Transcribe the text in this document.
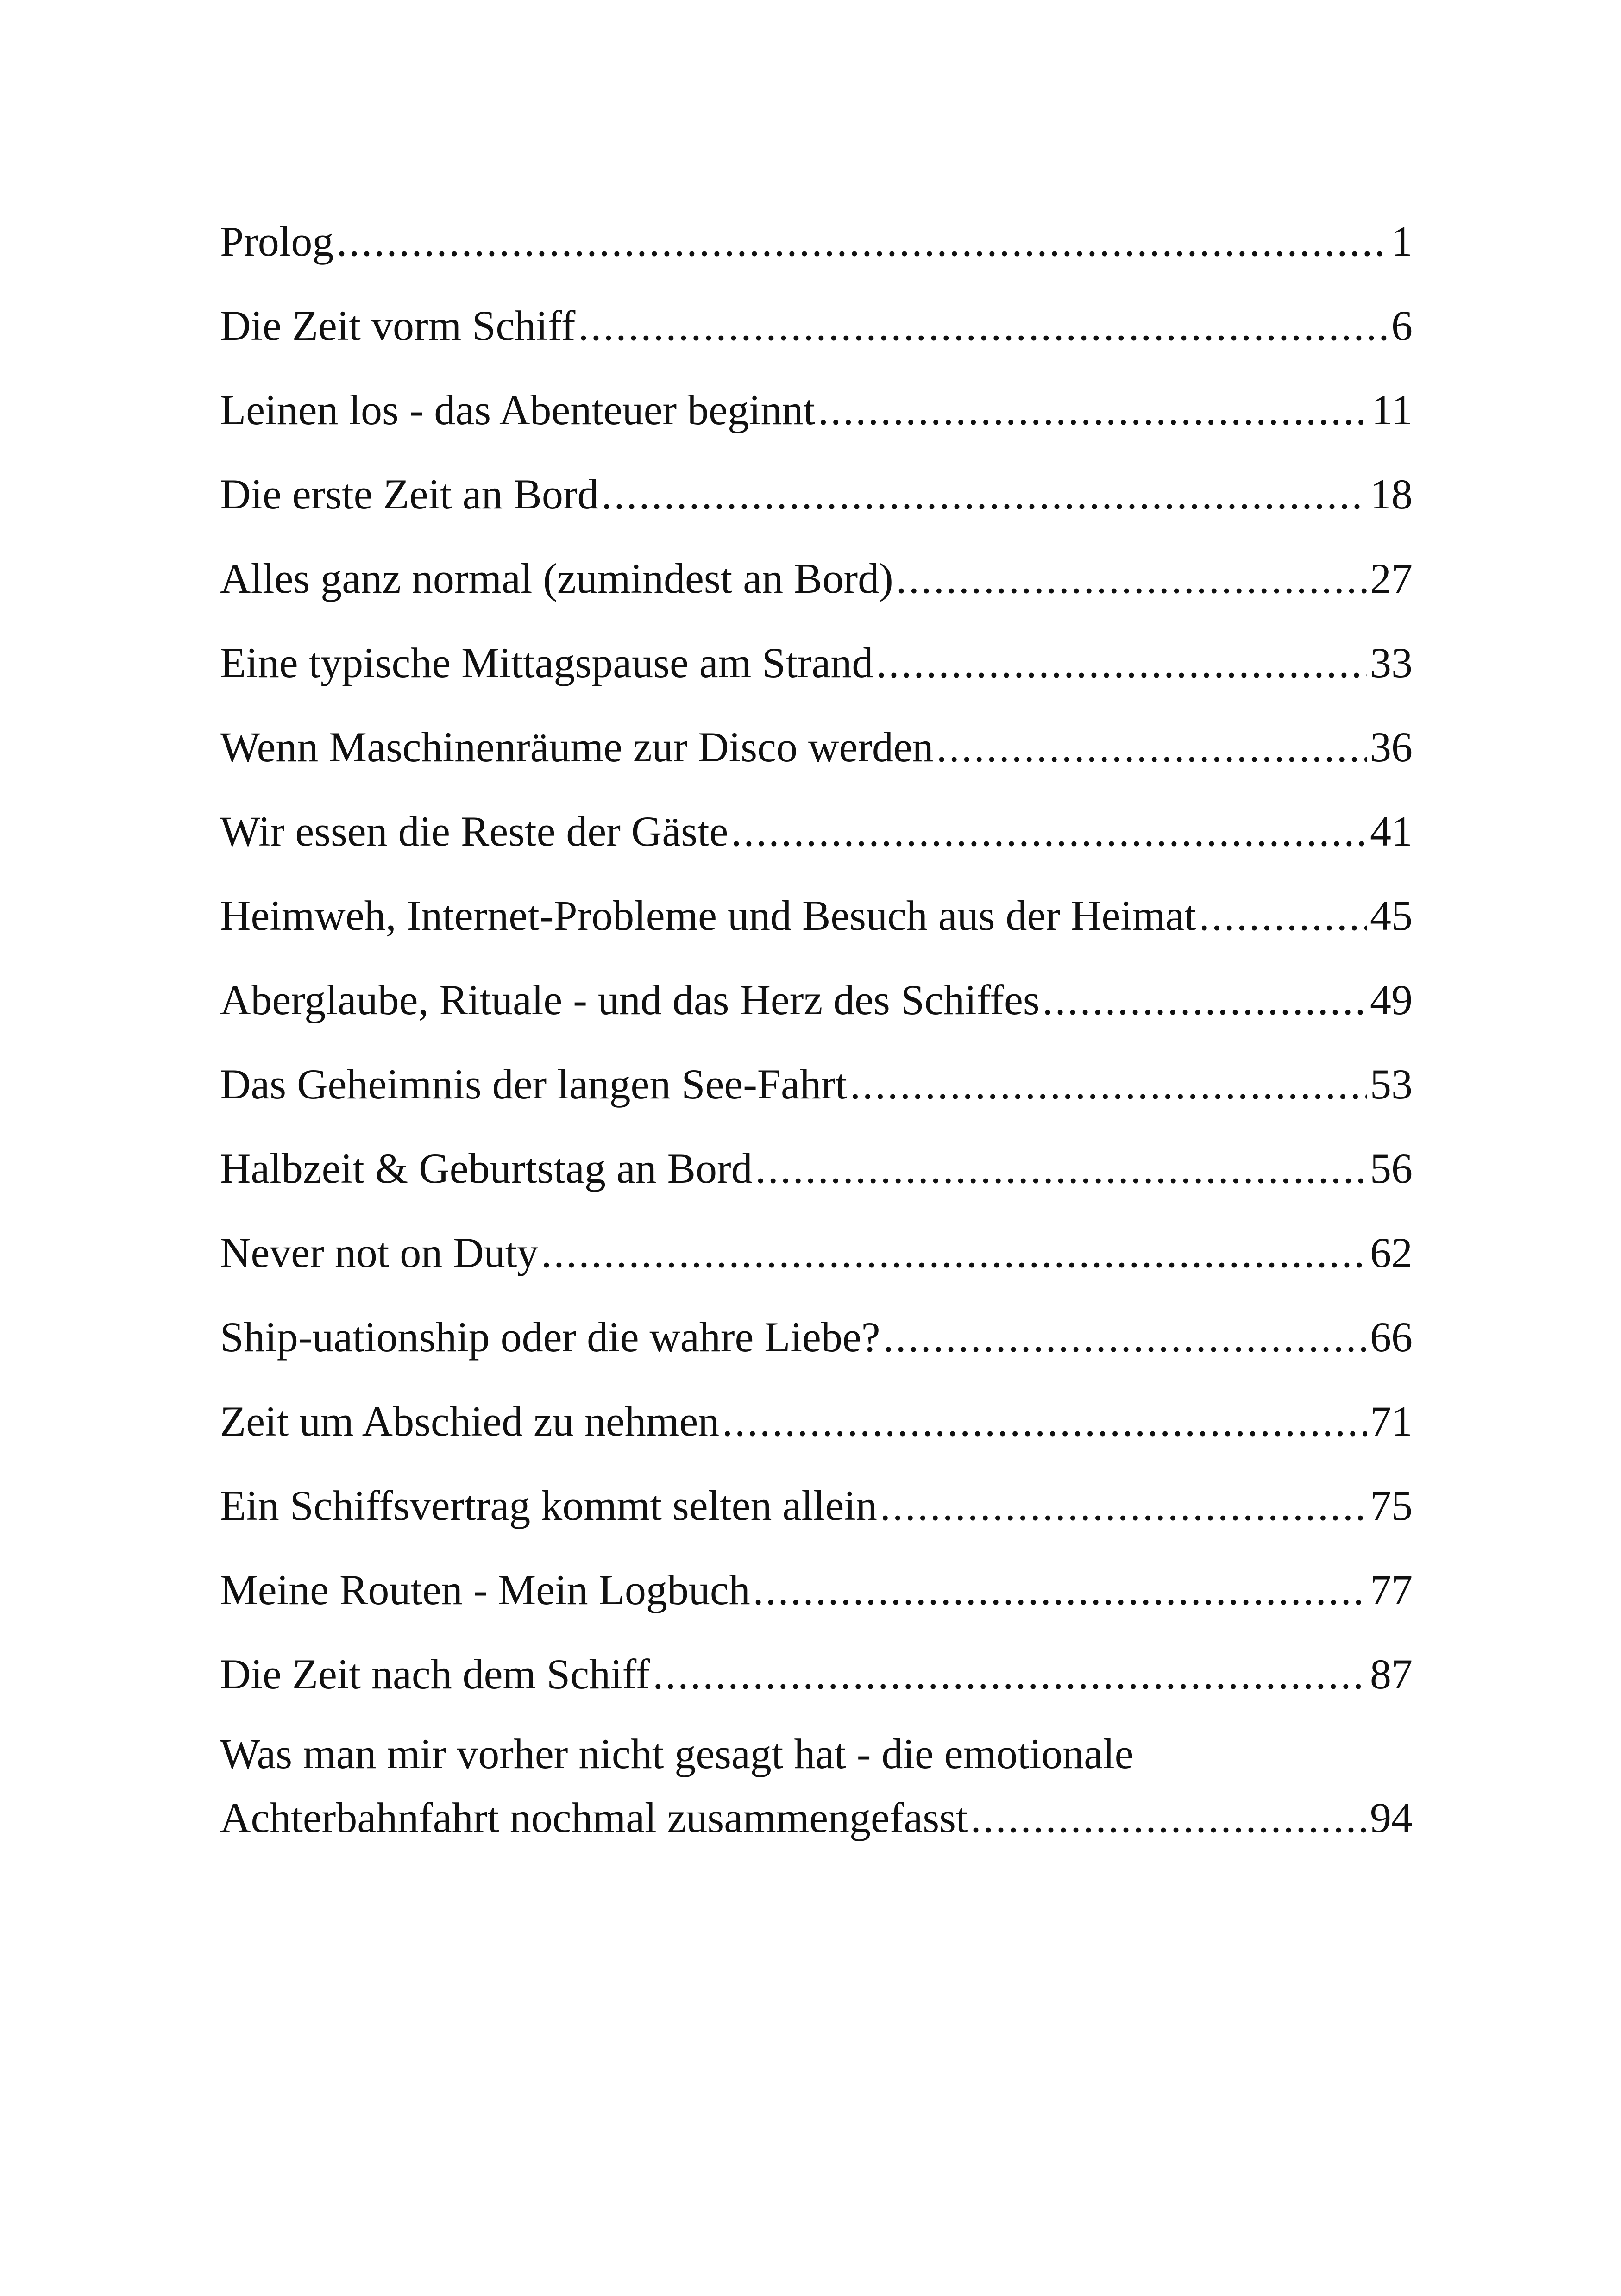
Prolog .....	1
Die Zeit vorm Schiff .....	6
Leinen los - das Abenteuer beginnt .....	11
Die erste Zeit an Bord .....	18
Alles ganz normal (zumindest an Bord) .....	27
Eine typische Mittagspause am Strand .....	33
Wenn Maschinenräume zur Disco werden .....	36
Wir essen die Reste der Gäste .....	41
Heimweh, Internet-Probleme und Besuch aus der Heimat .....	45
Aberglaube, Rituale - und das Herz des Schiffes .....	49
Das Geheimnis der langen See-Fahrt .....	53
Halbzeit & Geburtstag an Bord .....	56
Never not on Duty .....	62
Ship-uationship oder die wahre Liebe? .....	66
Zeit um Abschied zu nehmen .....	71
Ein Schiffsvertrag kommt selten allein .....	75
Meine Routen - Mein Logbuch .....	77
Die Zeit nach dem Schiff .....	87
Was man mir vorher nicht gesagt hat - die emotionale
Achterbahnfahrt nochmal zusammengefasst .....	94
